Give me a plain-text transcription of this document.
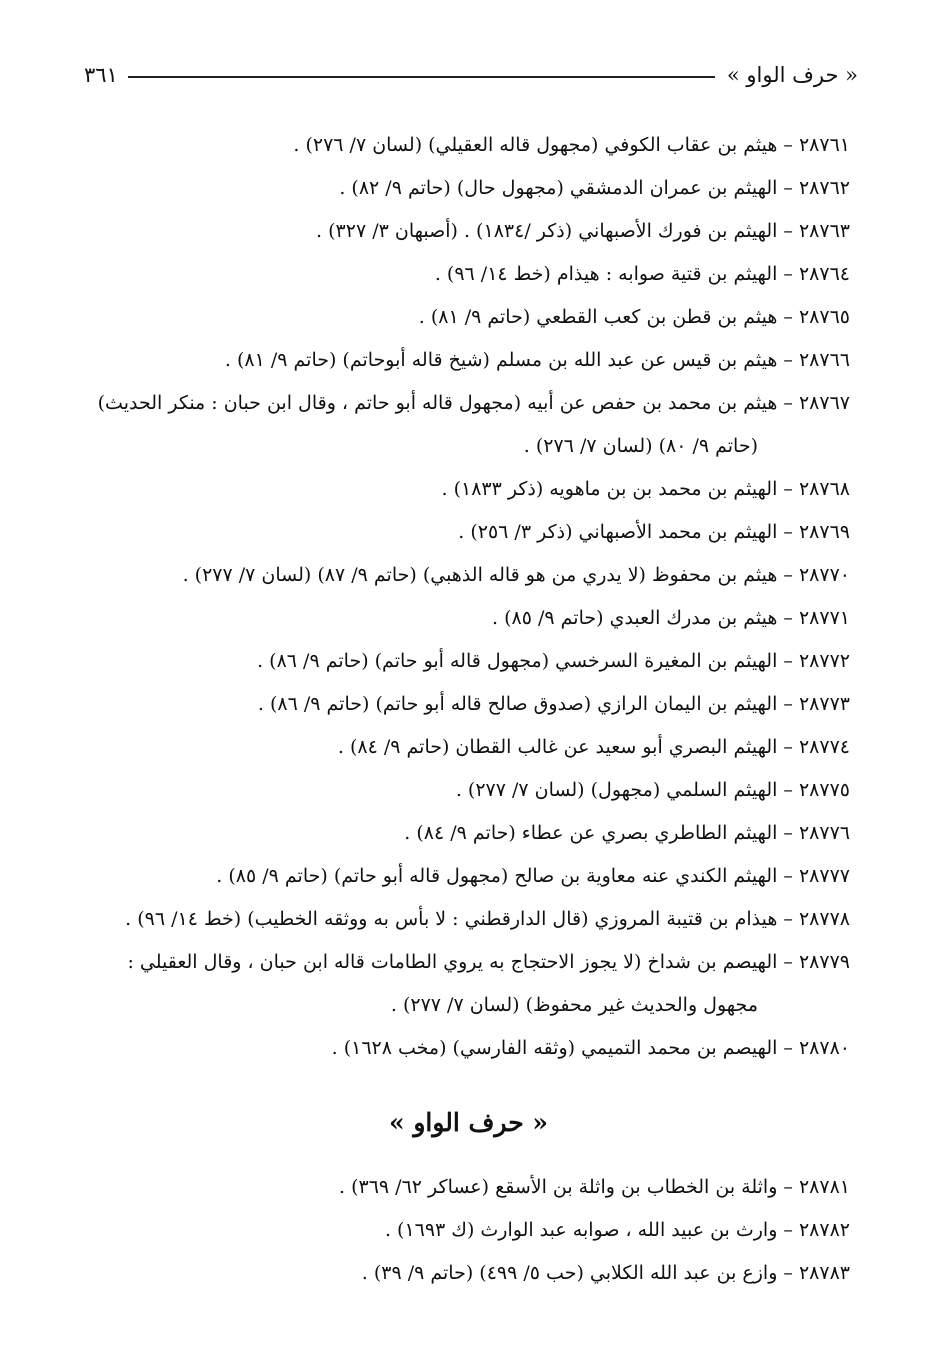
« حرف الواو »
٣٦١
٢٨٧٦١ – هيثم بن عقاب الكوفي (مجهول قاله العقيلي) (لسان ٧/ ٢٧٦) .
٢٨٧٦٢ – الهيثم بن عمران الدمشقي (مجهول حال) (حاتم ٩/ ٨٢) .
٢٨٧٦٣ – الهيثم بن فورك الأصبهاني (ذكر /١٨٣٤) . (أصبهان ٣/ ٣٢٧) .
٢٨٧٦٤ – الهيثم بن قتية صوابه : هيذام (خط ١٤/ ٩٦) .
٢٨٧٦٥ – هيثم بن قطن بن كعب القطعي (حاتم ٩/ ٨١) .
٢٨٧٦٦ – هيثم بن قيس عن عبد الله بن مسلم (شيخ قاله أبوحاتم) (حاتم ٩/ ٨١) .
٢٨٧٦٧ – هيثم بن محمد بن حفص عن أبيه (مجهول قاله أبو حاتم ، وقال ابن حبان : منكر الحديث)
(حاتم ٩/ ٨٠) (لسان ٧/ ٢٧٦) .
٢٨٧٦٨ – الهيثم بن محمد بن بن ماهويه (ذكر ١٨٣٣) .
٢٨٧٦٩ – الهيثم بن محمد الأصبهاني (ذكر ٣/ ٢٥٦) .
٢٨٧٧٠ – هيثم بن محفوظ (لا يدري من هو قاله الذهبي) (حاتم ٩/ ٨٧) (لسان ٧/ ٢٧٧) .
٢٨٧٧١ – هيثم بن مدرك العبدي (حاتم ٩/ ٨٥) .
٢٨٧٧٢ – الهيثم بن المغيرة السرخسي (مجهول قاله أبو حاتم) (حاتم ٩/ ٨٦) .
٢٨٧٧٣ – الهيثم بن اليمان الرازي (صدوق صالح قاله أبو حاتم) (حاتم ٩/ ٨٦) .
٢٨٧٧٤ – الهيثم البصري أبو سعيد عن غالب القطان (حاتم ٩/ ٨٤) .
٢٨٧٧٥ – الهيثم السلمي (مجهول) (لسان ٧/ ٢٧٧) .
٢٨٧٧٦ – الهيثم الطاطري بصري عن عطاء (حاتم ٩/ ٨٤) .
٢٨٧٧٧ – الهيثم الكندي عنه معاوية بن صالح (مجهول قاله أبو حاتم) (حاتم ٩/ ٨٥) .
٢٨٧٧٨ – هيذام بن قتيبة المروزي (قال الدارقطني : لا بأس به ووثقه الخطيب) (خط ١٤/ ٩٦) .
٢٨٧٧٩ – الهيصم بن شداخ (لا يجوز الاحتجاج به يروي الطامات قاله ابن حبان ، وقال العقيلي :
مجهول والحديث غير محفوظ) (لسان ٧/ ٢٧٧) .
٢٨٧٨٠ – الهيصم بن محمد التميمي (وثقه الفارسي) (مخب ١٦٢٨) .
« حرف الواو »
٢٨٧٨١ – واثلة بن الخطاب بن واثلة بن الأسقع (عساكر ٦٢/ ٣٦٩) .
٢٨٧٨٢ – وارث بن عبيد الله ، صوابه عبد الوارث (ك ١٦٩٣) .
٢٨٧٨٣ – وازع بن عبد الله الكلابي (حب ٥/ ٤٩٩) (حاتم ٩/ ٣٩) .
